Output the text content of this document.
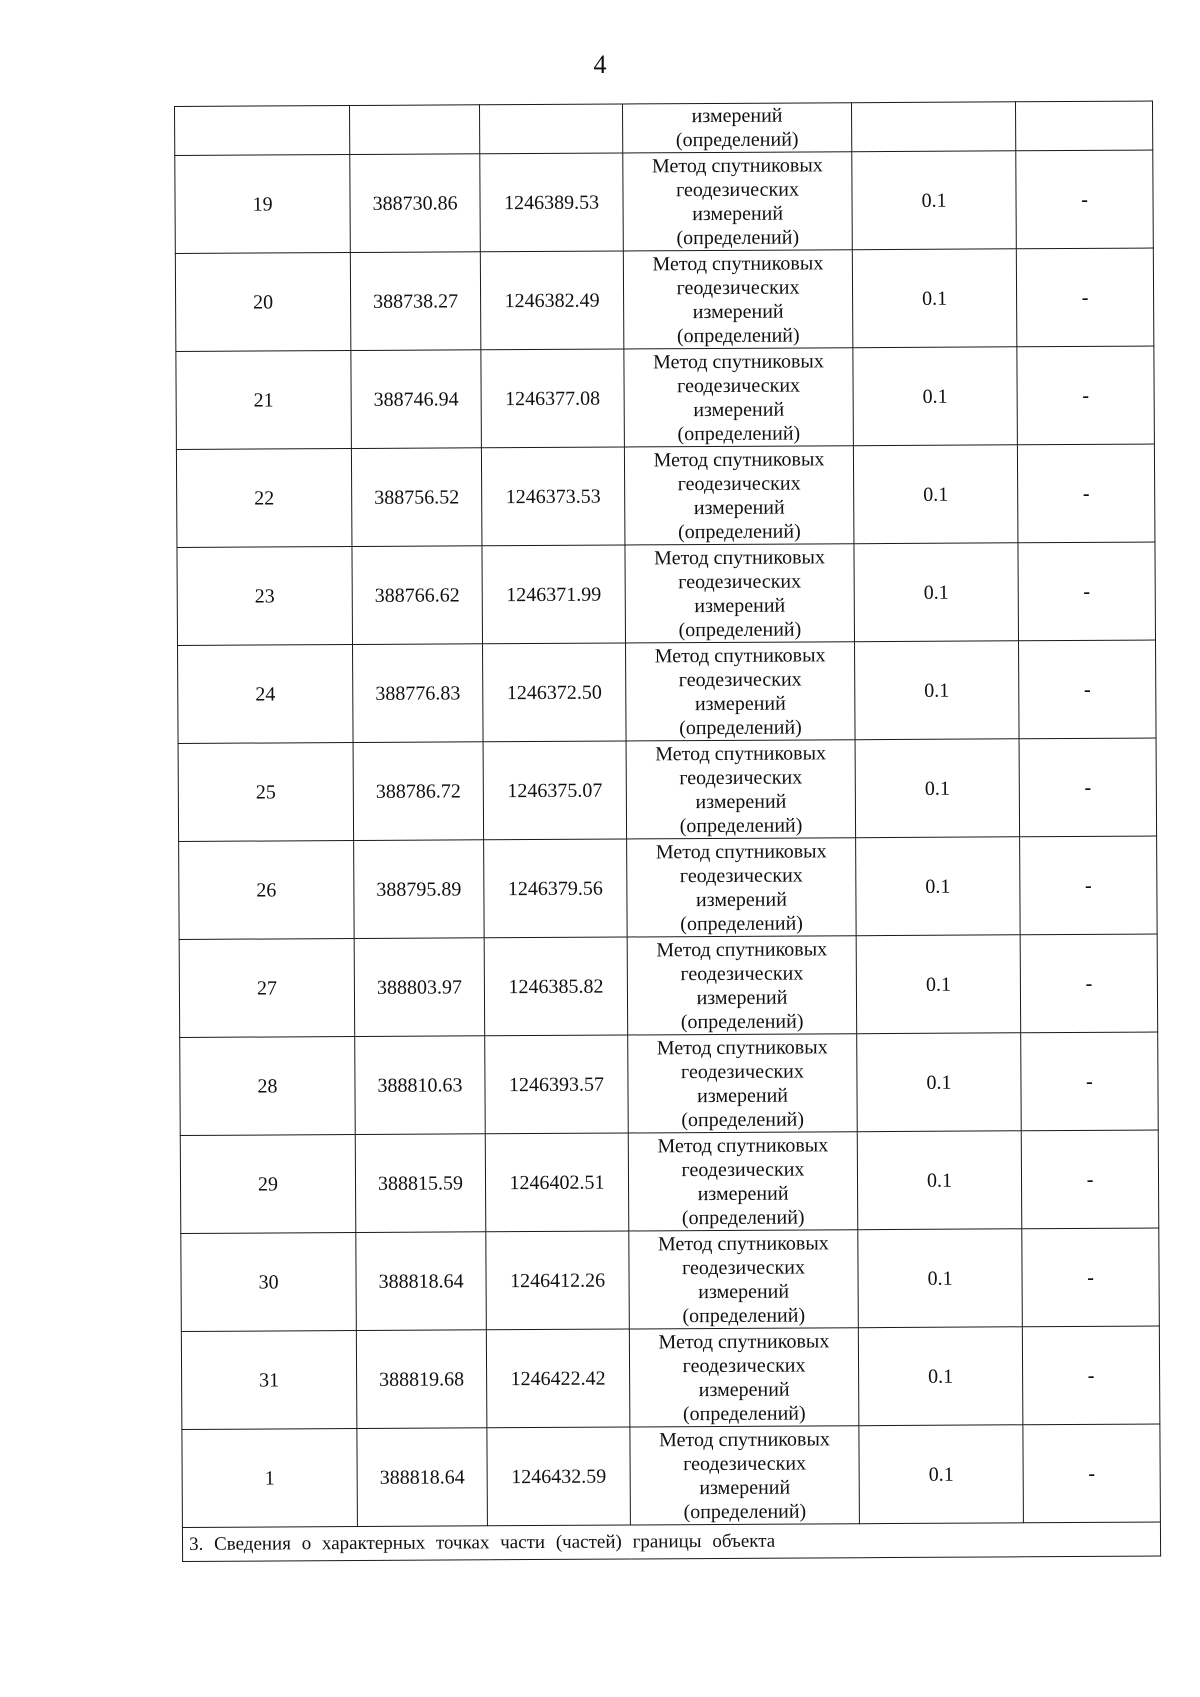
4

			измерений
(определений)		

19	388730.86	1246389.53	Метод спутниковых
геодезических
измерений
(определений)	0.1	-
20	388738.27	1246382.49	Метод спутниковых
геодезических
измерений
(определений)	0.1	-
21	388746.94	1246377.08	Метод спутниковых
геодезических
измерений
(определений)	0.1	-
22	388756.52	1246373.53	Метод спутниковых
геодезических
измерений
(определений)	0.1	-
23	388766.62	1246371.99	Метод спутниковых
геодезических
измерений
(определений)	0.1	-
24	388776.83	1246372.50	Метод спутниковых
геодезических
измерений
(определений)	0.1	-
25	388786.72	1246375.07	Метод спутниковых
геодезических
измерений
(определений)	0.1	-
26	388795.89	1246379.56	Метод спутниковых
геодезических
измерений
(определений)	0.1	-
27	388803.97	1246385.82	Метод спутниковых
геодезических
измерений
(определений)	0.1	-
28	388810.63	1246393.57	Метод спутниковых
геодезических
измерений
(определений)	0.1	-
29	388815.59	1246402.51	Метод спутниковых
геодезических
измерений
(определений)	0.1	-
30	388818.64	1246412.26	Метод спутниковых
геодезических
измерений
(определений)	0.1	-
31	388819.68	1246422.42	Метод спутниковых
геодезических
измерений
(определений)	0.1	-
1	388818.64	1246432.59	Метод спутниковых
геодезических
измерений
(определений)	0.1	-
3. Сведения о характерных точках части (частей) границы объекта					
